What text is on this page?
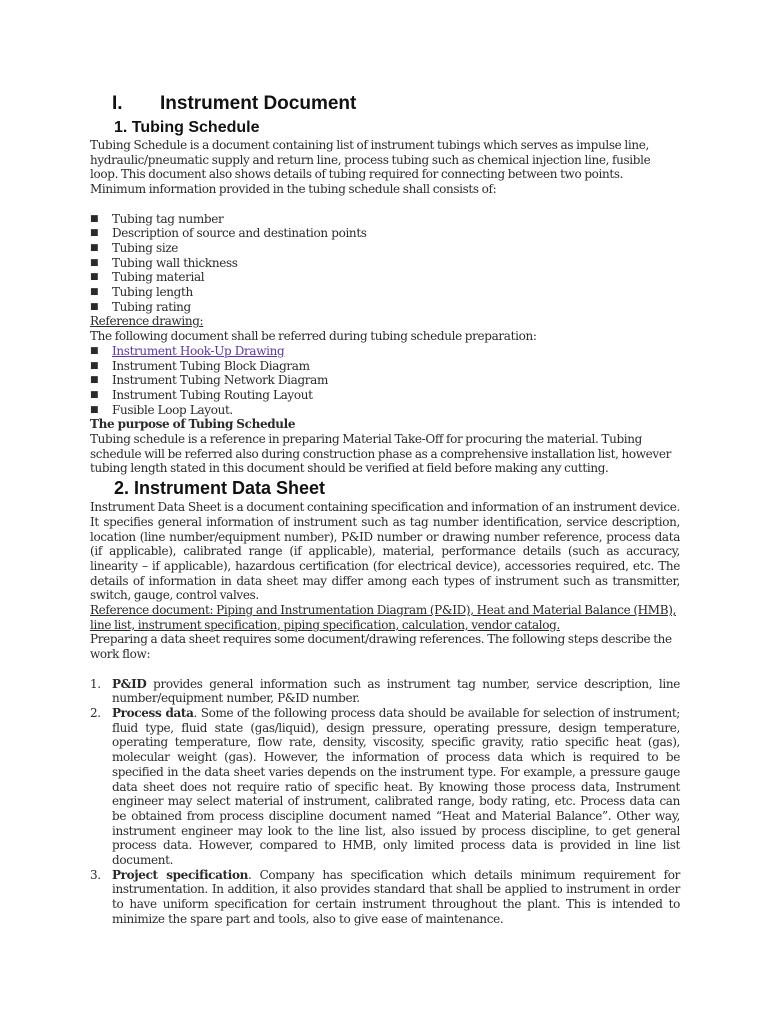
I.	Instrument Document
1. Tubing Schedule

Tubing Schedule is a document containing list of instrument tubings which serves as impulse line, hydraulic/pneumatic supply and return line, process tubing such as chemical injection line, fusible loop. This document also shows details of tubing required for connecting between two points.

Minimum information provided in the tubing schedule shall consists of:

■ Tubing tag number
■ Description of source and destination points
■ Tubing size
■ Tubing wall thickness
■ Tubing material
■ Tubing length
■ Tubing rating

Reference drawing:

The following document shall be referred during tubing schedule preparation:

■ Instrument Hook-Up Drawing
■ Instrument Tubing Block Diagram
■ Instrument Tubing Network Diagram
■ Instrument Tubing Routing Layout
■ Fusible Loop Layout.

The purpose of Tubing Schedule

Tubing schedule is a reference in preparing Material Take-Off for procuring the material. Tubing schedule will be referred also during construction phase as a comprehensive installation list, however tubing length stated in this document should be verified at field before making any cutting.

2. Instrument Data Sheet

Instrument Data Sheet is a document containing specification and information of an instrument device. It specifies general information of instrument such as tag number identification, service description, location (line number/equipment number), P&ID number or drawing number reference, process data (if applicable), calibrated range (if applicable), material, performance details (such as accuracy, linearity – if applicable), hazardous certification (for electrical device), accessories required, etc. The details of information in data sheet may differ among each types of instrument such as transmitter, switch, gauge, control valves.

Reference document: Piping and Instrumentation Diagram (P&ID), Heat and Material Balance (HMB), line list, instrument specification, piping specification, calculation, vendor catalog.

Preparing a data sheet requires some document/drawing references. The following steps describe the work flow:

1. P&ID provides general information such as instrument tag number, service description, line number/equipment number, P&ID number.
2. Process data. Some of the following process data should be available for selection of instrument; fluid type, fluid state (gas/liquid), design pressure, operating pressure, design temperature, operating temperature, flow rate, density, viscosity, specific gravity, ratio specific heat (gas), molecular weight (gas). However, the information of process data which is required to be specified in the data sheet varies depends on the instrument type. For example, a pressure gauge data sheet does not require ratio of specific heat. By knowing those process data, Instrument engineer may select material of instrument, calibrated range, body rating, etc. Process data can be obtained from process discipline document named “Heat and Material Balance”. Other way, instrument engineer may look to the line list, also issued by process discipline, to get general process data. However, compared to HMB, only limited process data is provided in line list document.
3. Project specification. Company has specification which details minimum requirement for instrumentation. In addition, it also provides standard that shall be applied to instrument in order to have uniform specification for certain instrument throughout the plant. This is intended to minimize the spare part and tools, also to give ease of maintenance.
